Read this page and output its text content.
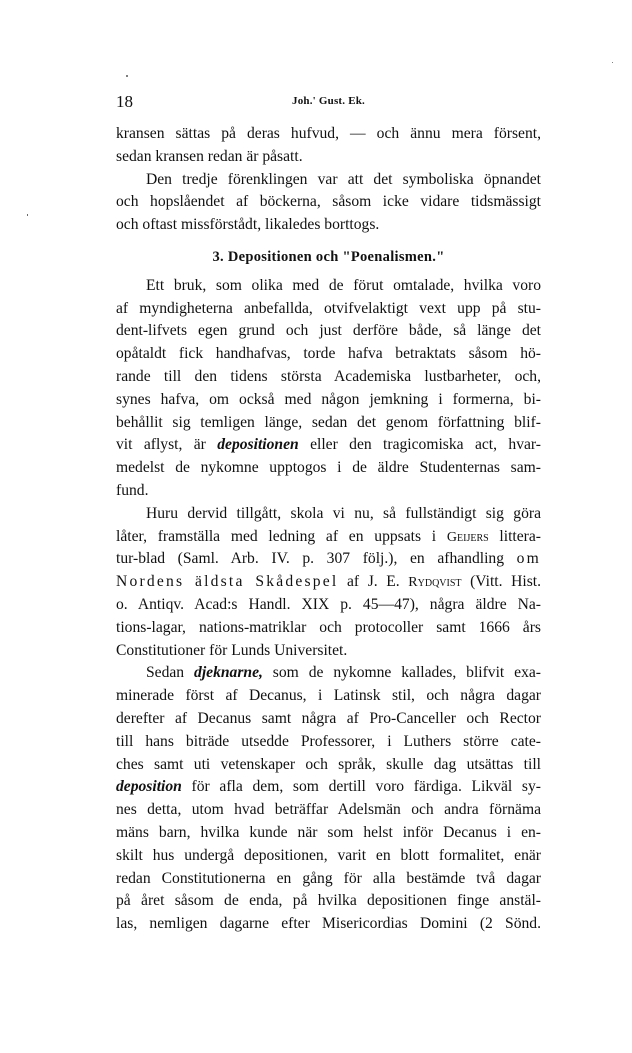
18	Joh.' Gust. Ek.
kransen sättas på deras hufvud, — och ännu mera försent,
sedan kransen redan är påsatt.
Den tredje förenklingen var att det symboliska öpnandet
och hopslåendet af böckerna, såsom icke vidare tidsmässigt
och oftast missförstådt, likaledes borttogs.
3. Depositionen och "Poenalismen."
Ett bruk, som olika med de förut omtalade, hvilka voro
af myndigheterna anbefallda, otvifvelaktigt vext upp på stu-
dent-lifvets egen grund och just derföre både, så länge det
opåtaldt fick handhafvas, torde hafva betraktats såsom hö-
rande till den tidens största Academiska lustbarheter, och,
synes hafva, om också med någon jemkning i formerna, bi-
behållit sig temligen länge, sedan det genom författning blif-
vit aflyst, är depositionen eller den tragicomiska act, hvar-
medelst de nykomne upptogos i de äldre Studenternas sam-
fund.
Huru dervid tillgått, skola vi nu, så fullständigt sig göra
låter, framställa med ledning af en uppsats i Geijers littera-
tur-blad (Saml. Arb. IV. p. 307 följ.), en afhandling om
Nordens äldsta Skådespel af J. E. Rydqvist (Vitt. Hist.
o. Antiqv. Acad:s Handl. XIX p. 45—47), några äldre Na-
tions-lagar, nations-matriklar och protocoller samt 1666 års
Constitutioner för Lunds Universitet.
Sedan djeknarne, som de nykomne kallades, blifvit exa-
minerade först af Decanus, i Latinsk stil, och några dagar
derefter af Decanus samt några af Pro-Canceller och Rector
till hans biträde utsedde Professorer, i Luthers större cate-
ches samt uti vetenskaper och språk, skulle dag utsättas till
deposition för afla dem, som dertill voro färdiga. Likväl sy-
nes detta, utom hvad beträffar Adelsmän och andra förnäma
mäns barn, hvilka kunde när som helst inför Decanus i en-
skilt hus undergå depositionen, varit en blott formalitet, enär
redan Constitutionerna en gång för alla bestämde två dagar
på året såsom de enda, på hvilka depositionen finge anstäl-
las, nemligen dagarne efter Misericordias Domini (2 Sönd.
